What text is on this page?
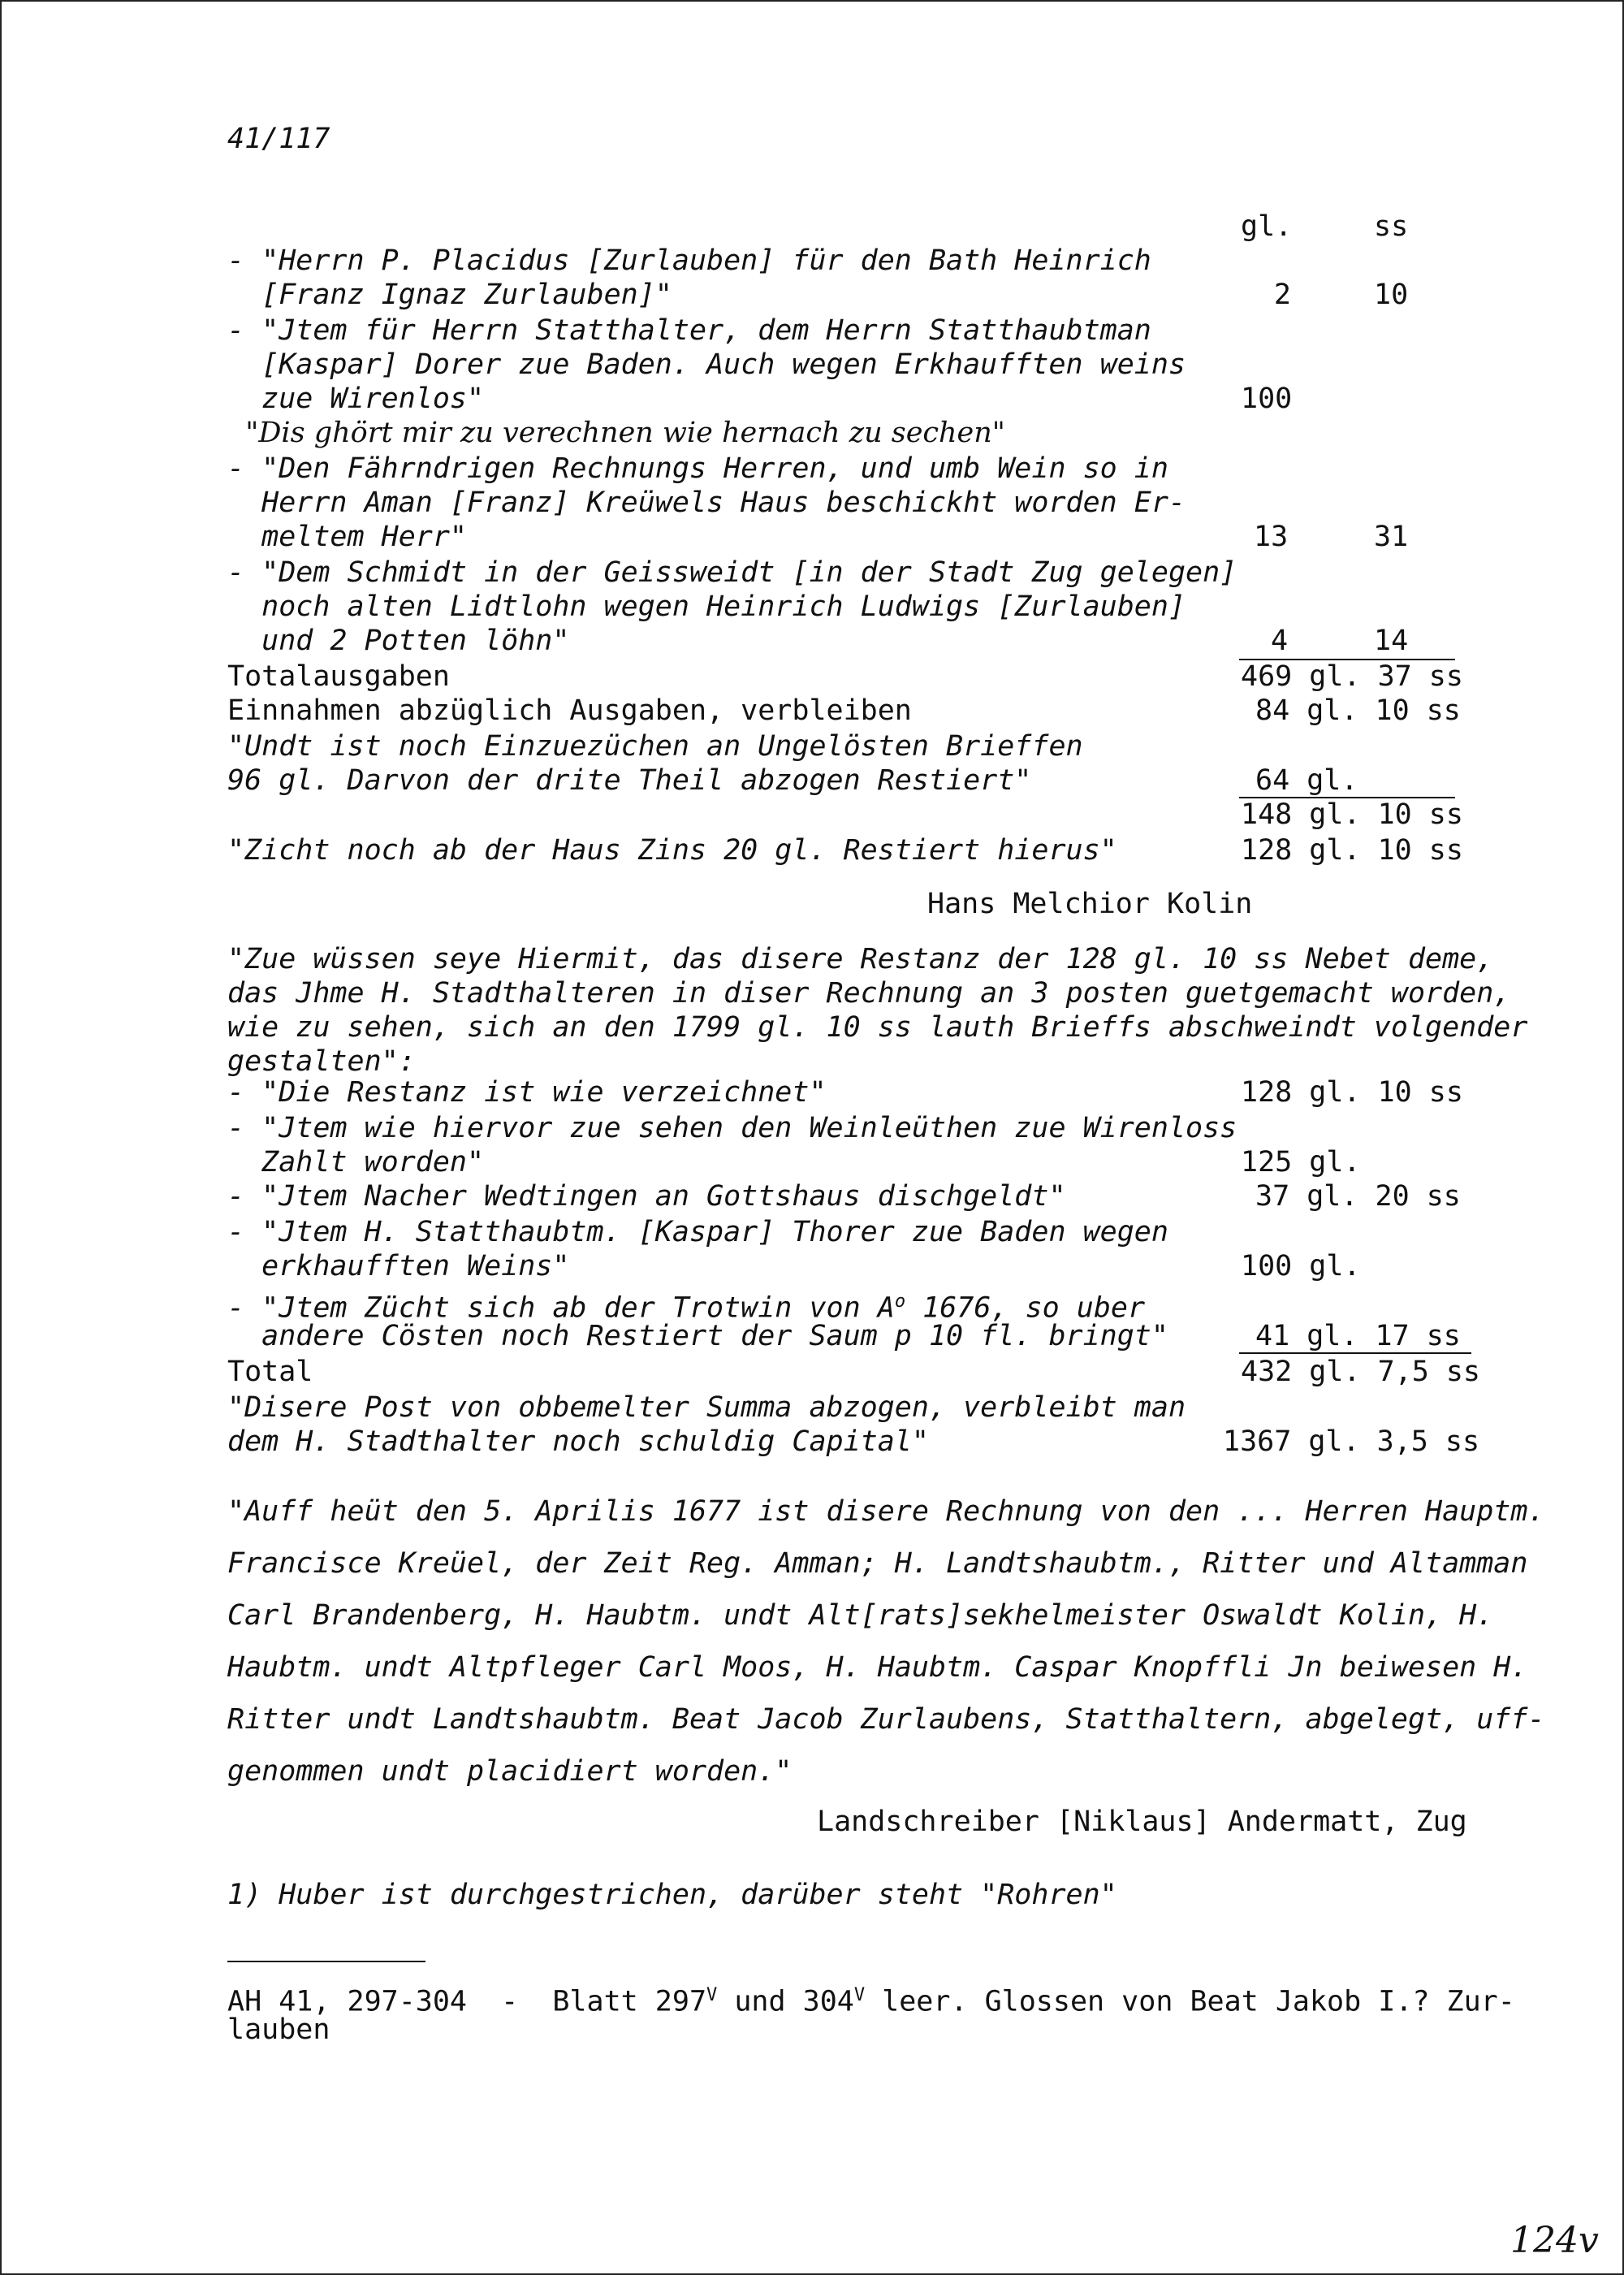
41/117
gl.	ss
- "Herrn P. Placidus [Zurlauben] für den Bath Heinrich
[Franz Ignaz Zurlauben]"	2	10
- "Jtem für Herrn Statthalter, dem Herrn Statthaubtman
[Kaspar] Dorer zue Baden. Auch wegen Erkhaufften weins
zue Wirenlos"	100
"Dis ghört mir zu verechnen wie hernach zu sechen"
- "Den Fährndrigen Rechnungs Herren, und umb Wein so in
Herrn Aman [Franz] Kreüwels Haus beschickht worden Er-
meltem Herr"	13	31
- "Dem Schmidt in der Geissweidt [in der Stadt Zug gelegen]
noch alten Lidtlohn wegen Heinrich Ludwigs [Zurlauben]
und 2 Potten löhn"	4	14
Totalausgaben	469 gl. 37 ss
Einnahmen abzüglich Ausgaben, verbleiben	84 gl. 10 ss
"Undt ist noch Einzuezüchen an Ungelösten Brieffen
96 gl. Darvon der drite Theil abzogen Restiert"	64 gl.
148 gl. 10 ss
"Zicht noch ab der Haus Zins 20 gl. Restiert hierus"	128 gl. 10 ss
Hans Melchior Kolin
"Zue wüssen seye Hiermit, das disere Restanz der 128 gl. 10 ss Nebet deme,
das Jhme H. Stadthalteren in diser Rechnung an 3 posten guetgemacht worden,
wie zu sehen, sich an den 1799 gl. 10 ss lauth Brieffs abschweindt volgender
gestalten":
- "Die Restanz ist wie verzeichnet"	128 gl. 10 ss
- "Jtem wie hiervor zue sehen den Weinleüthen zue Wirenloss
Zahlt worden"	125 gl.
- "Jtem Nacher Wedtingen an Gottshaus dischgeldt"	37 gl. 20 ss
- "Jtem H. Statthaubtm. [Kaspar] Thorer zue Baden wegen
erkhaufften Weins"	100 gl.
- "Jtem Zücht sich ab der Trotwin von $A^o$ 1676, so uber
andere Cösten noch Restiert der Saum p 10 fl. bringt"	41 gl. 17 ss
Total	432 gl. 7,5 ss
"Disere Post von obbemelter Summa abzogen, verbleibt man
dem H. Stadthalter noch schuldig Capital"	1367 gl. 3,5 ss
"Auff heüt den 5. Aprilis 1677 ist disere Rechnung von den ... Herren Hauptm.
Francisce Kreüel, der Zeit Reg. Amman; H. Landtshaubtm., Ritter und Altamman
Carl Brandenberg, H. Haubtm. undt Alt[rats]sekhelmeister Oswaldt Kolin, H.
Haubtm. undt Altpfleger Carl Moos, H. Haubtm. Caspar Knopffli Jn beiwesen H.
Ritter undt Landtshaubtm. Beat Jacob Zurlaubens, Statthaltern, abgelegt, uff-
genommen undt placidiert worden."
Landschreiber [Niklaus] Andermatt, Zug
1) Huber ist durchgestrichen, darüber steht "Rohren"
AH 41, 297-304  -  Blatt $297^V$ und $304^V$ leer. Glossen von Beat Jakob I.? Zur-
lauben
124v
